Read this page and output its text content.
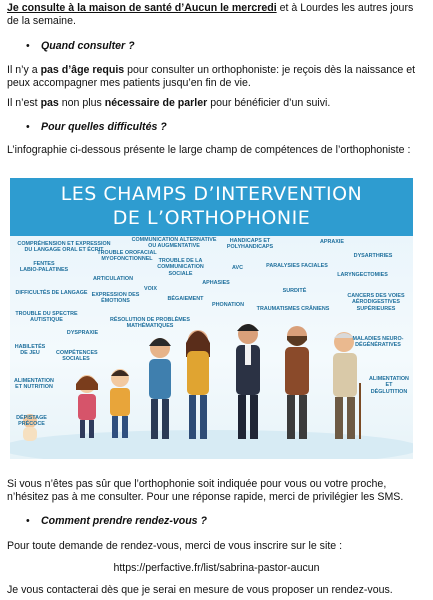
Je consulte à la maison de santé d’Aucun le mercredi et à Lourdes les autres jours de la semaine.

• Quand consulter ?

Il n’y a pas d’âge requis pour consulter un orthophoniste: je reçois dès la naissance et peux accompagner mes patients jusqu’en fin de vie.

Il n’est pas non plus nécessaire de parler pour bénéficier d’un suivi.

• Pour quelles difficultés ?

L’infographie ci-dessous présente le large champ de compétences de l’orthophoniste :

LES CHAMPS D’INTERVENTION
DE L’ORTHOPHONIE
COMPRÉHENSION ET EXPRESSION
DU LANGAGE ORAL ET ÉCRIT
COMMUNICATION ALTERNATIVE
OU AUGMENTATIVE
HANDICAPS ET
POLYHANDICAPS
APRAXIE
TROUBLE OROFACIAL
MYOFONCTIONNEL	TROUBLE DE LA
COMMUNICATION
SOCIALE
DYSARTHRIES
FENTES
LABIO-PALATINES	AVC	PARALYSIES FACIALES
ARTICULATION
LARYNGECTOMIES
DIFFICULTÉS DE LANGAGE
VOIX
APHASIES
SURDITÉ
EXPRESSION DES
ÉMOTIONS	BÉGAIEMENT	CANCERS DES VOIES
AÉRODIGESTIVES
SUPÉRIEURES
TROUBLE DU SPECTRE
AUTISTIQUE
PHONATION
TRAUMATISMES CRÂNIENS
RÉSOLUTION DE PROBLÈMES
MATHÉMATIQUES
DYSPRAXIE
MALADIES NEURO-
DÉGÉNÉRATIVES
HABILETÉS
DE JEU	COMPÉTENCES
SOCIALES
ALIMENTATION
ET NUTRITION
ALIMENTATION
ET
DÉGLUTITION
DÉPISTAGE
PRÉCOCE

Si vous n’êtes pas sûr que l’orthophonie soit indiquée pour vous ou votre proche, n’hésitez pas à me consulter. Pour une réponse rapide, merci de privilégier les SMS.

• Comment prendre rendez-vous ?

Pour toute demande de rendez-vous, merci de vous inscrire sur le site :

https://perfactive.fr/list/sabrina-pastor-aucun

Je vous contacterai dès que je serai en mesure de vous proposer un rendez-vous.
